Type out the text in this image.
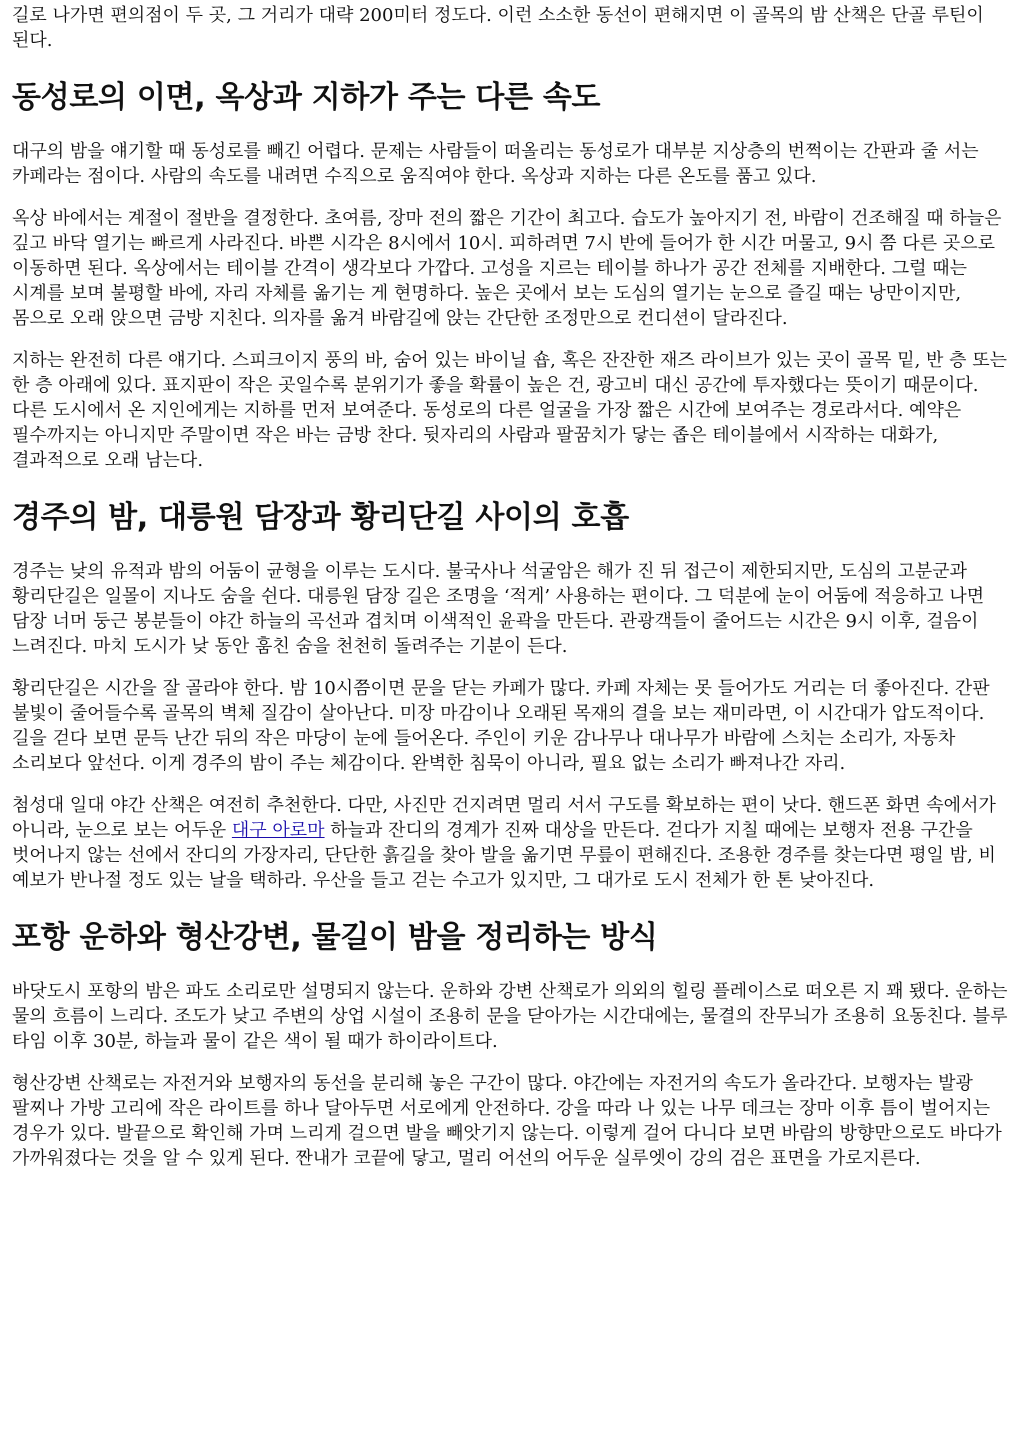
길로 나가면 편의점이 두 곳, 그 거리가 대략 200미터 정도다. 이런 소소한 동선이 편해지면 이 골목의 밤 산책은 단골 루틴이 된다.

동성로의 이면, 옥상과 지하가 주는 다른 속도

대구의 밤을 얘기할 때 동성로를 빼긴 어렵다. 문제는 사람들이 떠올리는 동성로가 대부분 지상층의 번쩍이는 간판과 줄 서는 카페라는 점이다. 사람의 속도를 내려면 수직으로 움직여야 한다. 옥상과 지하는 다른 온도를 품고 있다.

옥상 바에서는 계절이 절반을 결정한다. 초여름, 장마 전의 짧은 기간이 최고다. 습도가 높아지기 전, 바람이 건조해질 때 하늘은 깊고 바닥 열기는 빠르게 사라진다. 바쁜 시각은 8시에서 10시. 피하려면 7시 반에 들어가 한 시간 머물고, 9시 쯤 다른 곳으로 이동하면 된다. 옥상에서는 테이블 간격이 생각보다 가깝다. 고성을 지르는 테이블 하나가 공간 전체를 지배한다. 그럴 때는 시계를 보며 불평할 바에, 자리 자체를 옮기는 게 현명하다. 높은 곳에서 보는 도심의 열기는 눈으로 즐길 때는 낭만이지만, 몸으로 오래 앉으면 금방 지친다. 의자를 옮겨 바람길에 앉는 간단한 조정만으로 컨디션이 달라진다.

지하는 완전히 다른 얘기다. 스피크이지 풍의 바, 숨어 있는 바이닐 숍, 혹은 잔잔한 재즈 라이브가 있는 곳이 골목 밑, 반 층 또는 한 층 아래에 있다. 표지판이 작은 곳일수록 분위기가 좋을 확률이 높은 건, 광고비 대신 공간에 투자했다는 뜻이기 때문이다. 다른 도시에서 온 지인에게는 지하를 먼저 보여준다. 동성로의 다른 얼굴을 가장 짧은 시간에 보여주는 경로라서다. 예약은 필수까지는 아니지만 주말이면 작은 바는 금방 찬다. 뒷자리의 사람과 팔꿈치가 닿는 좁은 테이블에서 시작하는 대화가, 결과적으로 오래 남는다.

경주의 밤, 대릉원 담장과 황리단길 사이의 호흡

경주는 낮의 유적과 밤의 어둠이 균형을 이루는 도시다. 불국사나 석굴암은 해가 진 뒤 접근이 제한되지만, 도심의 고분군과 황리단길은 일몰이 지나도 숨을 쉰다. 대릉원 담장 길은 조명을 ‘적게’ 사용하는 편이다. 그 덕분에 눈이 어둠에 적응하고 나면 담장 너머 둥근 봉분들이 야간 하늘의 곡선과 겹치며 이색적인 윤곽을 만든다. 관광객들이 줄어드는 시간은 9시 이후, 걸음이 느려진다. 마치 도시가 낮 동안 훔친 숨을 천천히 돌려주는 기분이 든다.

황리단길은 시간을 잘 골라야 한다. 밤 10시쯤이면 문을 닫는 카페가 많다. 카페 자체는 못 들어가도 거리는 더 좋아진다. 간판 불빛이 줄어들수록 골목의 벽체 질감이 살아난다. 미장 마감이나 오래된 목재의 결을 보는 재미라면, 이 시간대가 압도적이다. 길을 걷다 보면 문득 난간 뒤의 작은 마당이 눈에 들어온다. 주인이 키운 감나무나 대나무가 바람에 스치는 소리가, 자동차 소리보다 앞선다. 이게 경주의 밤이 주는 체감이다. 완벽한 침묵이 아니라, 필요 없는 소리가 빠져나간 자리.

첨성대 일대 야간 산책은 여전히 추천한다. 다만, 사진만 건지려면 멀리 서서 구도를 확보하는 편이 낫다. 핸드폰 화면 속에서가 아니라, 눈으로 보는 어두운 대구 아로마 하늘과 잔디의 경계가 진짜 대상을 만든다. 걷다가 지칠 때에는 보행자 전용 구간을 벗어나지 않는 선에서 잔디의 가장자리, 단단한 흙길을 찾아 발을 옮기면 무릎이 편해진다. 조용한 경주를 찾는다면 평일 밤, 비 예보가 반나절 정도 있는 날을 택하라. 우산을 들고 걷는 수고가 있지만, 그 대가로 도시 전체가 한 톤 낮아진다.

포항 운하와 형산강변, 물길이 밤을 정리하는 방식

바닷도시 포항의 밤은 파도 소리로만 설명되지 않는다. 운하와 강변 산책로가 의외의 힐링 플레이스로 떠오른 지 꽤 됐다. 운하는 물의 흐름이 느리다. 조도가 낮고 주변의 상업 시설이 조용히 문을 닫아가는 시간대에는, 물결의 잔무늬가 조용히 요동친다. 블루 타임 이후 30분, 하늘과 물이 같은 색이 될 때가 하이라이트다.

형산강변 산책로는 자전거와 보행자의 동선을 분리해 놓은 구간이 많다. 야간에는 자전거의 속도가 올라간다. 보행자는 발광 팔찌나 가방 고리에 작은 라이트를 하나 달아두면 서로에게 안전하다. 강을 따라 나 있는 나무 데크는 장마 이후 틈이 벌어지는 경우가 있다. 발끝으로 확인해 가며 느리게 걸으면 발을 빼앗기지 않는다. 이렇게 걸어 다니다 보면 바람의 방향만으로도 바다가 가까워졌다는 것을 알 수 있게 된다. 짠내가 코끝에 닿고, 멀리 어선의 어두운 실루엣이 강의 검은 표면을 가로지른다.
